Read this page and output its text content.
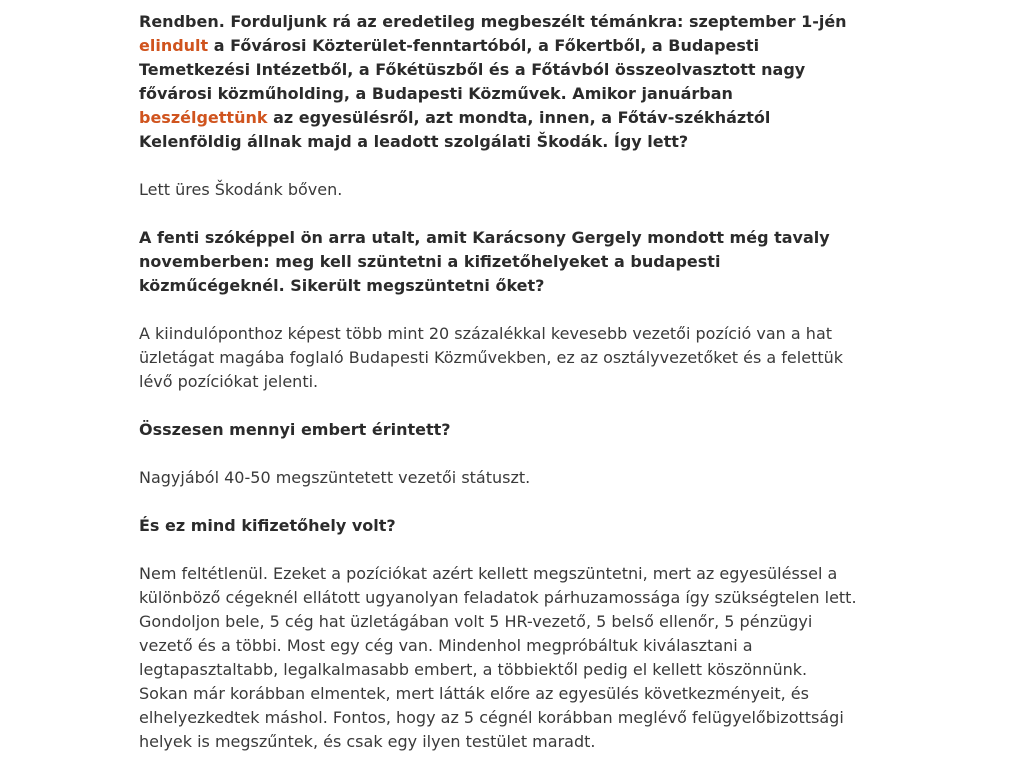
Rendben. Forduljunk rá az eredetileg megbeszélt témánkra: szeptember 1-jén elindult a Fővárosi Közterület-fenntartóból, a Főkertből, a Budapesti Temetkezési Intézetből, a Főkétüszből és a Főtávból összeolvasztott nagy fővárosi közműholding, a Budapesti Közművek. Amikor januárban beszélgettünk az egyesülésről, azt mondta, innen, a Főtáv-székháztól Kelenföldig állnak majd a leadott szolgálati Škodák. Így lett?

Lett üres Škodánk bőven.

A fenti szóképpel ön arra utalt, amit Karácsony Gergely mondott még tavaly novemberben: meg kell szüntetni a kifizetőhelyeket a budapesti közműcégeknél. Sikerült megszüntetni őket?

A kiindulóponthoz képest több mint 20 százalékkal kevesebb vezetői pozíció van a hat üzletágat magába foglaló Budapesti Közművekben, ez az osztályvezetőket és a felettük lévő pozíciókat jelenti.

Összesen mennyi embert érintett?

Nagyjából 40-50 megszüntetett vezetői státuszt.

És ez mind kifizetőhely volt?

Nem feltétlenül. Ezeket a pozíciókat azért kellett megszüntetni, mert az egyesüléssel a különböző cégeknél ellátott ugyanolyan feladatok párhuzamossága így szükségtelen lett. Gondoljon bele, 5 cég hat üzletágában volt 5 HR-vezető, 5 belső ellenőr, 5 pénzügyi vezető és a többi. Most egy cég van. Mindenhol megpróbáltuk kiválasztani a legtapasztaltabb, legalkalmasabb embert, a többiektől pedig el kellett köszönnünk. Sokan már korábban elmentek, mert látták előre az egyesülés következményeit, és elhelyezkedtek máshol. Fontos, hogy az 5 cégnél korábban meglévő felügyelőbizottsági helyek is megszűntek, és csak egy ilyen testület maradt.
